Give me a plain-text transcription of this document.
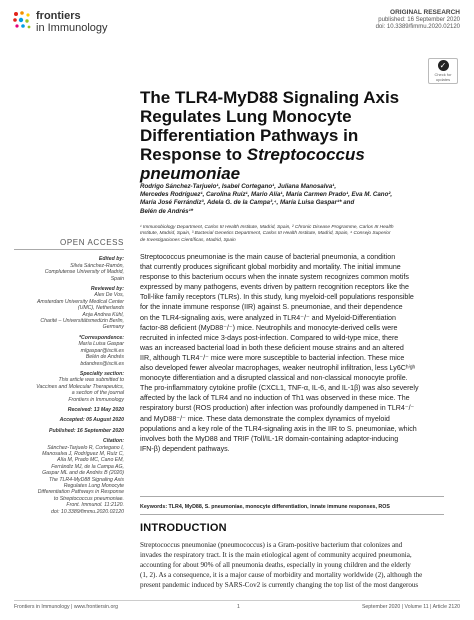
frontiers
in Immunology
ORIGINAL RESEARCH
published: 16 September 2020
doi: 10.3389/fimmu.2020.02120
✓
Check for updates
The TLR4-MyD88 Signaling Axis
Regulates Lung Monocyte
Differentiation Pathways in
Response to Streptococcus
pneumoniae
Rodrigo Sánchez-Tarjuelo¹, Isabel Cortegano¹, Juliana Manosalva¹,
Mercedes Rodríguez¹, Carolina Ruíz¹, Mario Alía¹, María Carmen Prado¹, Eva M. Cano²,
María José Ferrándiz³, Adela G. de la Campa³,⁴, María Luisa Gaspar¹* and
Belén de Andrés¹*
¹ Immunobiology Department, Carlos III Health Institute, Madrid, Spain, ² Chronic Disease Programme, Carlos III Health
Institute, Madrid, Spain, ³ Bacterial Genetics Department, Carlos III Health Institute, Madrid, Spain, ⁴ Consejo Superior
de Investigaciones Científicas, Madrid, Spain
Streptococcus pneumoniae is the main cause of bacterial pneumonia, a condition
that currently produces significant global morbidity and mortality. The initial immune
response to this bacterium occurs when the innate system recognizes common motifs
expressed by many pathogens, events driven by pattern recognition receptors like the
Toll-like family receptors (TLRs). In this study, lung myeloid-cell populations responsible
for the innate immune response (IIR) against S. pneumoniae, and their dependence
on the TLR4-signaling axis, were analyzed in TLR4⁻/⁻ and Myeloid-Differentiation
factor-88 deficient (MyD88⁻/⁻) mice. Neutrophils and monocyte-derived cells were
recruited in infected mice 3-days post-infection. Compared to wild-type mice, there
was an increased bacterial load in both these deficient mouse strains and an altered
IIR, although TLR4⁻/⁻ mice were more susceptible to bacterial infection. These mice
also developed fewer alveolar macrophages, weaker neutrophil infiltration, less Ly6Cʰⁱᵍʰ
monocyte differentiation and a disrupted classical and non-classical monocyte profile.
The pro-inflammatory cytokine profile (CXCL1, TNF-α, IL-6, and IL-1β) was also severely
affected by the lack of TLR4 and no induction of Th1 was observed in these mice. The
respiratory burst (ROS production) after infection was profoundly dampened in TLR4⁻/⁻
and MyD88⁻/⁻ mice. These data demonstrate the complex dynamics of myeloid
populations and a key role of the TLR4-signaling axis in the IIR to S. pneumoniae, which
involves both the MyD88 and TRIF (Toll/IL-1R domain-containing adaptor-inducing
IFN-β) dependent pathways.
Keywords: TLR4, MyD88, S. pneumoniae, monocyte differentiation, innate immune responses, ROS
INTRODUCTION
Streptococcus pneumoniae (pneumococcus) is a Gram-positive bacterium that colonizes and
invades the respiratory tract. It is the main etiological agent of community acquired pneumonia,
accounting for about 90% of all pneumonia deaths, especially in young children and the elderly
(1, 2). As a consequence, it is a major cause of morbidity and mortality worldwide (2), although the
present pandemic induced by SARS-Cov2 is currently changing the top list of the most dangerous
OPEN ACCESS
Edited by:
Silvia Sánchez-Ramón,
Complutense University of Madrid,
Spain
Reviewed by:
Alex De Vos,
Amsterdam University Medical Center
(UMC), Netherlands
Anja Andrea Kühl,
Charité – Universitätsmedizin Berlin,
Germany
*Correspondence:
María Luisa Gaspar
mlgaspar@isciii.es
Belén de Andrés
bdandres@isciii.es
Specialty section:
This article was submitted to
Vaccines and Molecular Therapeutics,
a section of the journal
Frontiers in Immunology
Received: 13 May 2020
Accepted: 05 August 2020
Published: 16 September 2020
Citation:
Sánchez-Tarjuelo R, Cortegano I,
Manosalva J, Rodríguez M, Ruíz C,
Alía M, Prado MC, Cano EM,
Ferrándiz MJ, de la Campa AG,
Gaspar ML and de Andrés B (2020)
The TLR4-MyD88 Signaling Axis
Regulates Lung Monocyte
Differentiation Pathways in Response
to Streptococcus pneumoniae.
Front. Immunol. 11:2120.
doi: 10.3389/fimmu.2020.02120
Frontiers in Immunology | www.frontiersin.org	1	September 2020 | Volume 11 | Article 2120
